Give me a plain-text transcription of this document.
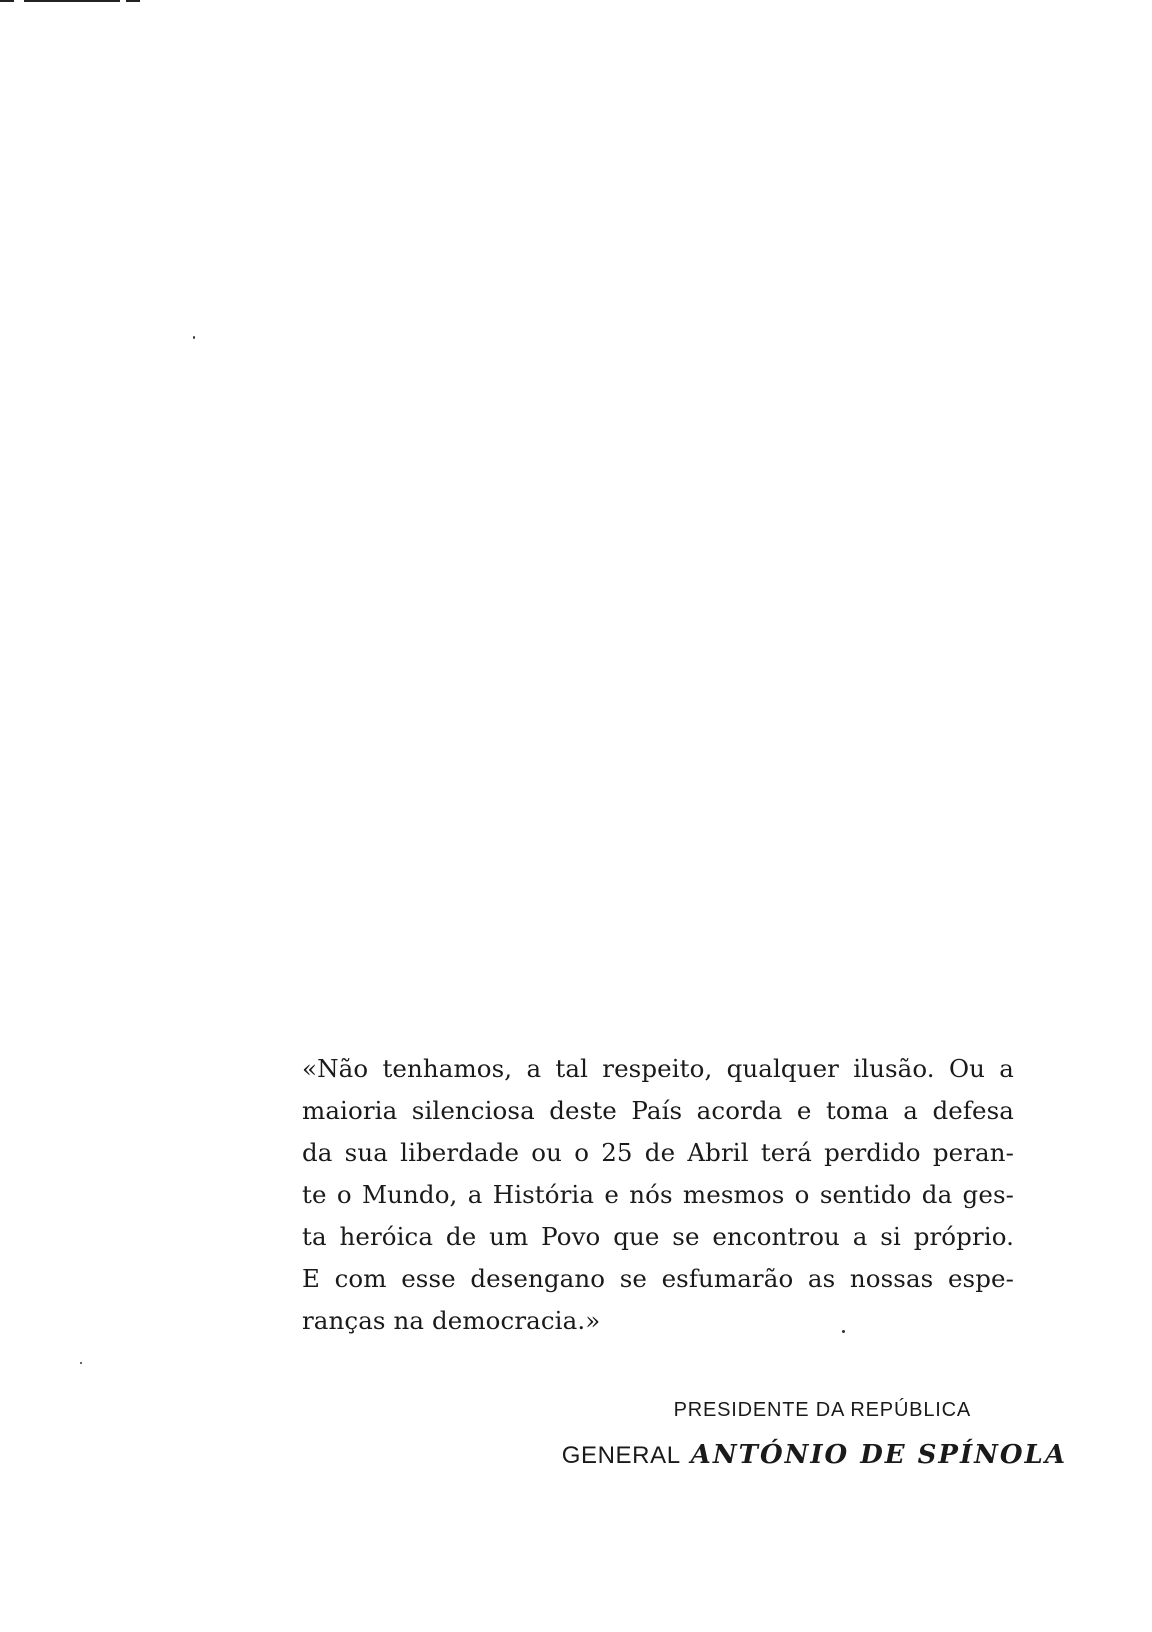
«Não tenhamos, a tal respeito, qualquer ilusão. Ou a
maioria silenciosa deste País acorda e toma a defesa
da sua liberdade ou o 25 de Abril terá perdido peran-
te o Mundo, a História e nós mesmos o sentido da ges-
ta heróica de um Povo que se encontrou a si próprio.
E com esse desengano se esfumarão as nossas espe-
ranças na democracia.»
PRESIDENTE DA REPÚBLICA
GENERAL ANTÓNIO DE SPÍNOLA
